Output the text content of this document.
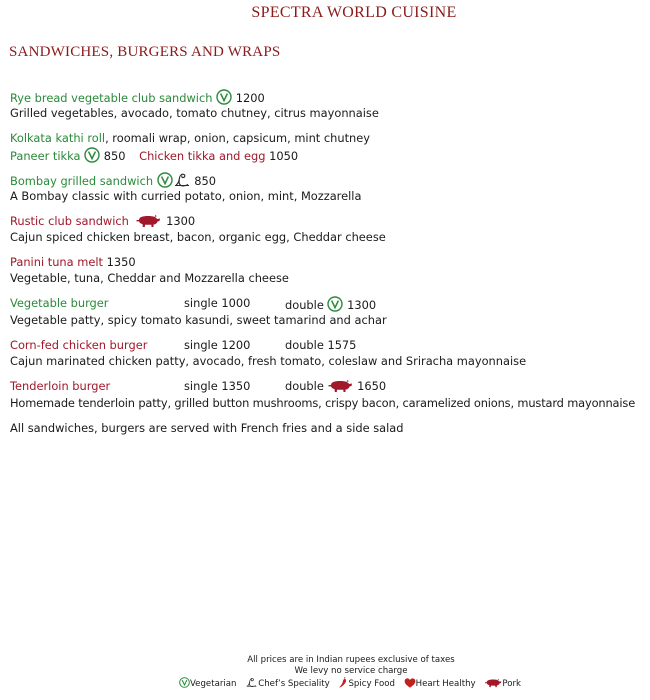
SPECTRA WORLD CUISINE
SANDWICHES, BURGERS AND WRAPS
Rye bread vegetable club sandwich 1200
Grilled vegetables, avocado, tomato chutney, citrus mayonnaise
Kolkata kathi roll, roomali wrap, onion, capsicum, mint chutney
Paneer tikka 850 Chicken tikka and egg 1050
Bombay grilled sandwich	850
A Bombay classic with curried potato, onion, mint, Mozzarella
Rustic club sandwich	1300
Cajun spiced chicken breast, bacon, organic egg, Cheddar cheese
Panini tuna melt 1350
Vegetable, tuna, Cheddar and Mozzarella cheese
Vegetable burger	single 1000	double 1300
Vegetable patty, spicy tomato kasundi, sweet tamarind and achar
Corn-fed chicken burger	single 1200	double 1575
Cajun marinated chicken patty, avocado, fresh tomato, coleslaw and Sriracha mayonnaise
Tenderloin burger	single 1350	double	1650
Homemade tenderloin patty, grilled button mushrooms, crispy bacon, caramelized onions, mustard mayonnaise
All sandwiches, burgers are served with French fries and a side salad
All prices are in Indian rupees exclusive of taxes
We levy no service charge
Vegetarian	Chef’s Speciality Spicy Food Heart Healthy	Pork
